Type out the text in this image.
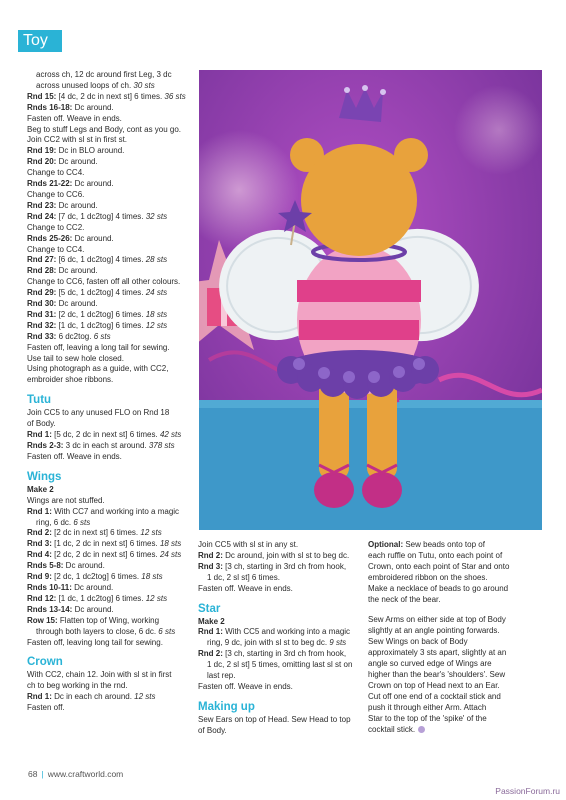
Toy
across ch, 12 dc around first Leg, 3 dc
across unused loops of ch. 30 sts
Rnd 15: [4 dc, 2 dc in next st] 6 times. 36 sts
Rnds 16-18: Dc around.
Fasten off. Weave in ends.
Beg to stuff Legs and Body, cont as you go.
Join CC2 with sl st in first st.
Rnd 19: Dc in BLO around.
Rnd 20: Dc around.
Change to CC4.
Rnds 21-22: Dc around.
Change to CC6.
Rnd 23: Dc around.
Rnd 24: [7 dc, 1 dc2tog] 4 times. 32 sts
Change to CC2.
Rnds 25-26: Dc around.
Change to CC4.
Rnd 27: [6 dc, 1 dc2tog] 4 times. 28 sts
Rnd 28: Dc around.
Change to CC6, fasten off all other colours.
Rnd 29: [5 dc, 1 dc2tog] 4 times. 24 sts
Rnd 30: Dc around.
Rnd 31: [2 dc, 1 dc2tog] 6 times. 18 sts
Rnd 32: [1 dc, 1 dc2tog] 6 times. 12 sts
Rnd 33: 6 dc2tog. 6 sts
Fasten off, leaving a long tail for sewing.
Use tail to sew hole closed.
Using photograph as a guide, with CC2,
embroider shoe ribbons.
Tutu
Join CC5 to any unused FLO on Rnd 18
of Body.
Rnd 1: [5 dc, 2 dc in next st] 6 times. 42 sts
Rnds 2-3: 3 dc in each st around. 378 sts
Fasten off. Weave in ends.
Wings
Make 2
Wings are not stuffed.
Rnd 1: With CC7 and working into a magic
ring, 6 dc. 6 sts
Rnd 2: [2 dc in next st] 6 times. 12 sts
Rnd 3: [1 dc, 2 dc in next st] 6 times. 18 sts
Rnd 4: [2 dc, 2 dc in next st] 6 times. 24 sts
Rnds 5-8: Dc around.
Rnd 9: [2 dc, 1 dc2tog] 6 times. 18 sts
Rnds 10-11: Dc around.
Rnd 12: [1 dc, 1 dc2tog] 6 times. 12 sts
Rnds 13-14: Dc around.
Row 15: Flatten top of Wing, working
through both layers to close, 6 dc. 6 sts
Fasten off, leaving long tail for sewing.
Crown
With CC2, chain 12. Join with sl st in first
ch to beg working in the rnd.
Rnd 1: Dc in each ch around. 12 sts
Fasten off.
Join CC5 with sl st in any st.
Rnd 2: Dc around, join with sl st to beg dc.
Rnd 3: [3 ch, starting in 3rd ch from hook,
1 dc, 2 sl st] 6 times.
Fasten off. Weave in ends.
Star
Make 2
Rnd 1: With CC5 and working into a magic
ring, 9 dc, join with sl st to beg dc. 9 sts
Rnd 2: [3 ch, starting in 3rd ch from hook,
1 dc, 2 sl st] 5 times, omitting last sl st on
last rep.
Fasten off. Weave in ends.
Making up
Sew Ears on top of Head. Sew Head to top
of Body.
Optional: Sew beads onto top of
each ruffle on Tutu, onto each point of
Crown, onto each point of Star and onto
embroidered ribbon on the shoes.
Make a necklace of beads to go around
the neck of the bear.
Sew Arms on either side at top of Body
slightly at an angle pointing forwards.
Sew Wings on back of Body
approximately 3 sts apart, slightly at an
angle so curved edge of Wings are
higher than the bear's 'shoulders'. Sew
Crown on top of Head next to an Ear.
Cut off one end of a cocktail stick and
push it through either Arm. Attach
Star to the top of the 'spike' of the
cocktail stick.
68 | www.craftworld.com
PassionForum.ru
